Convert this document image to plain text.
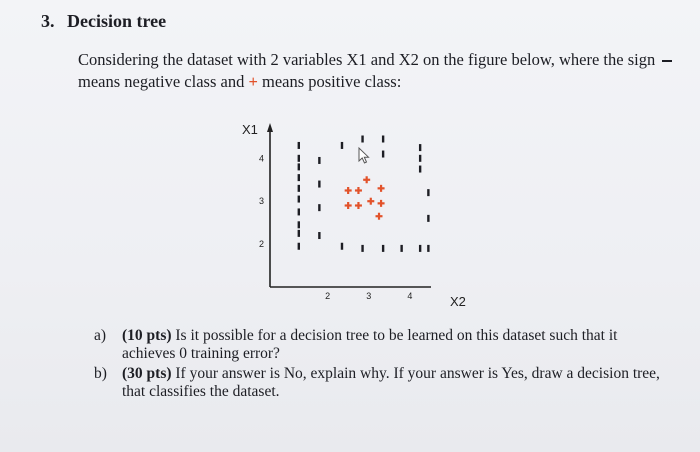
3. Decision tree
Considering the dataset with 2 variables X1 and X2 on the figure below, where the sign
means negative class and + means positive class:
X1
X2
2	3	4
2
3
4
a) (10 pts) Is it possible for a decision tree to be learned on this dataset such that it achieves 0 training error?
b) (30 pts) If your answer is No, explain why. If your answer is Yes, draw a decision tree, that classifies the dataset.
